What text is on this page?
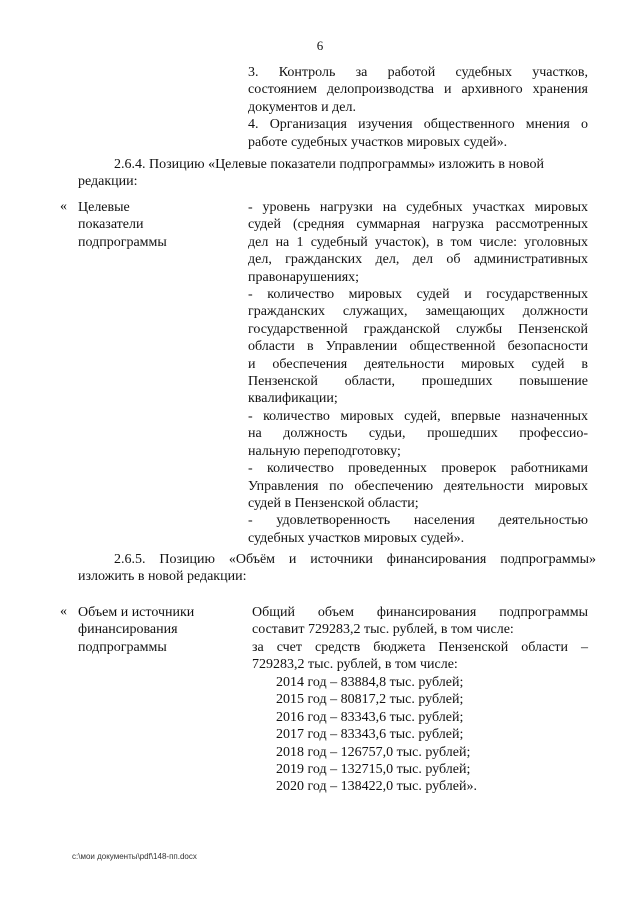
6
3. Контроль за работой судебных участков,
состоянием делопроизводства и архивного хранения
документов и дел.
4. Организация изучения общественного мнения о
работе судебных участков мировых судей».
2.6.4. Позицию «Целевые показатели подпрограммы» изложить в новой
редакции:
« Целевые
показатели
подпрограммы
- уровень нагрузки на судебных участках мировых
судей (средняя суммарная нагрузка рассмотренных
дел на 1 судебный участок), в том числе: уголовных
дел, гражданских дел, дел об административных
правонарушениях;
- количество мировых судей и государственных
гражданских служащих, замещающих должности
государственной гражданской службы Пензенской
области в Управлении общественной безопасности
и обеспечения деятельности мировых судей в
Пензенской области, прошедших повышение
квалификации;
- количество мировых судей, впервые назначенных
на должность судьи, прошедших профессио-
нальную переподготовку;
- количество проведенных проверок работниками
Управления по обеспечению деятельности мировых
судей в Пензенской области;
- удовлетворенность населения деятельностью
судебных участков мировых судей».
2.6.5. Позицию «Объём и источники финансирования подпрограммы»
изложить в новой редакции:
« Объем и источники
финансирования
подпрограммы
Общий объем финансирования подпрограммы
составит 729283,2 тыс. рублей, в том числе:
за счет средств бюджета Пензенской области –
729283,2 тыс. рублей, в том числе:
2014 год – 83884,8 тыс. рублей;
2015 год – 80817,2 тыс. рублей;
2016 год – 83343,6 тыс. рублей;
2017 год – 83343,6 тыс. рублей;
2018 год – 126757,0 тыс. рублей;
2019 год – 132715,0 тыс. рублей;
2020 год – 138422,0 тыс. рублей».
c:\мои документы\pdf\148-пп.docx
